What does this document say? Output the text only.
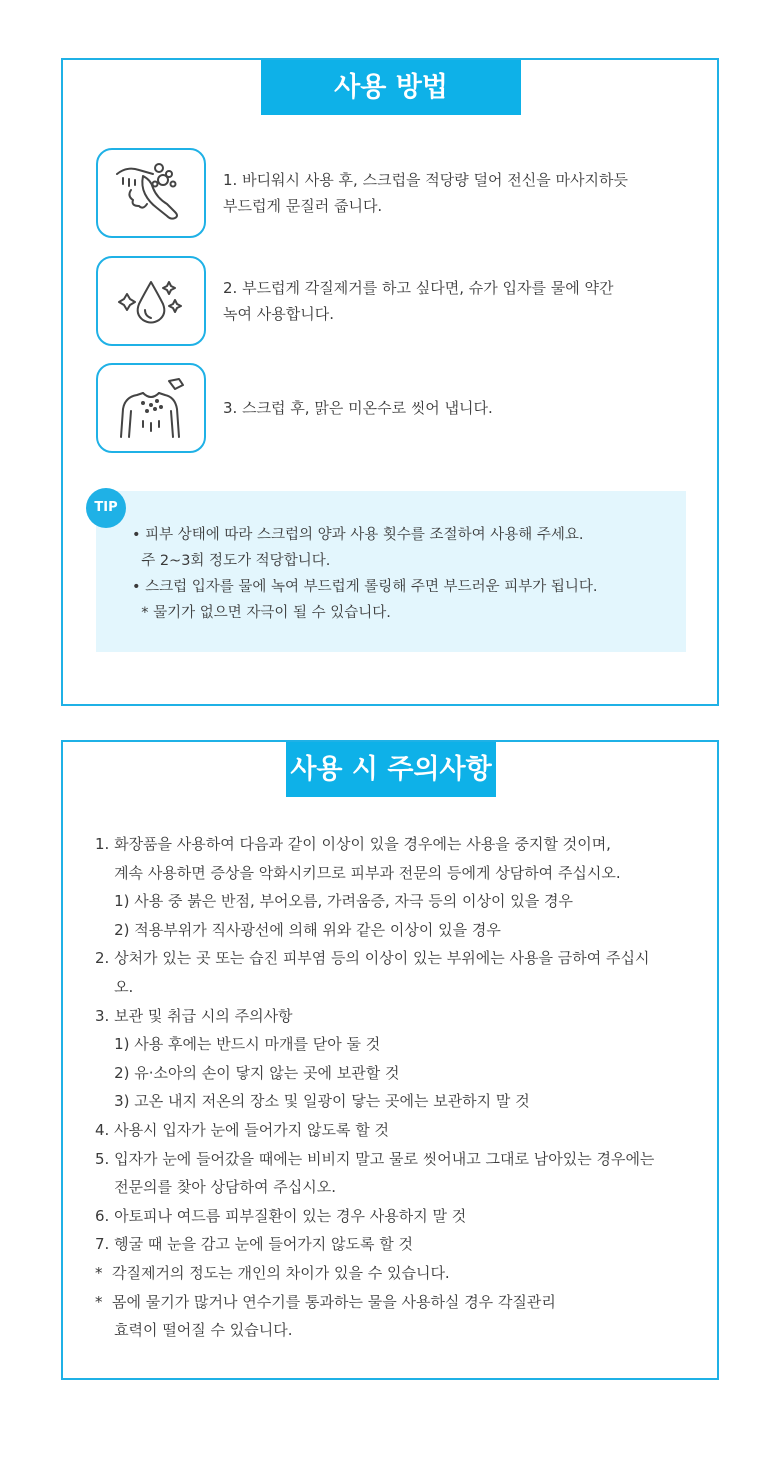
사용 방법
1. 바디워시 사용 후, 스크럽을 적당량 덜어 전신을 마사지하듯
부드럽게 문질러 줍니다.
2. 부드럽게 각질제거를 하고 싶다면, 슈가 입자를 물에 약간
녹여 사용합니다.
3. 스크럽 후, 맑은 미온수로 씻어 냅니다.
TIP
• 피부 상태에 따라 스크럽의 양과 사용 횟수를 조절하여 사용해 주세요.
주 2~3회 정도가 적당합니다.
• 스크럽 입자를 물에 녹여 부드럽게 롤링해 주면 부드러운 피부가 됩니다.
* 물기가 없으면 자극이 될 수 있습니다.
사용 시 주의사항
1. 화장품을 사용하여 다음과 같이 이상이 있을 경우에는 사용을 중지할 것이며,
계속 사용하면 증상을 악화시키므로 피부과 전문의 등에게 상담하여 주십시오.
1) 사용 중 붉은 반점, 부어오름, 가려움증, 자극 등의 이상이 있을 경우
2) 적용부위가 직사광선에 의해 위와 같은 이상이 있을 경우
2. 상처가 있는 곳 또는 습진 피부염 등의 이상이 있는 부위에는 사용을 금하여 주십시
오.
3. 보관 및 취급 시의 주의사항
1) 사용 후에는 반드시 마개를 닫아 둘 것
2) 유·소아의 손이 닿지 않는 곳에 보관할 것
3) 고온 내지 저온의 장소 및 일광이 닿는 곳에는 보관하지 말 것
4. 사용시 입자가 눈에 들어가지 않도록 할 것
5. 입자가 눈에 들어갔을 때에는 비비지 말고 물로 씻어내고 그대로 남아있는 경우에는
전문의를 찾아 상담하여 주십시오.
6. 아토피나 여드름 피부질환이 있는 경우 사용하지 말 것
7. 헹굴 때 눈을 감고 눈에 들어가지 않도록 할 것
*  각질제거의 정도는 개인의 차이가 있을 수 있습니다.
*  몸에 물기가 많거나 연수기를 통과하는 물을 사용하실 경우 각질관리
효력이 떨어질 수 있습니다.
